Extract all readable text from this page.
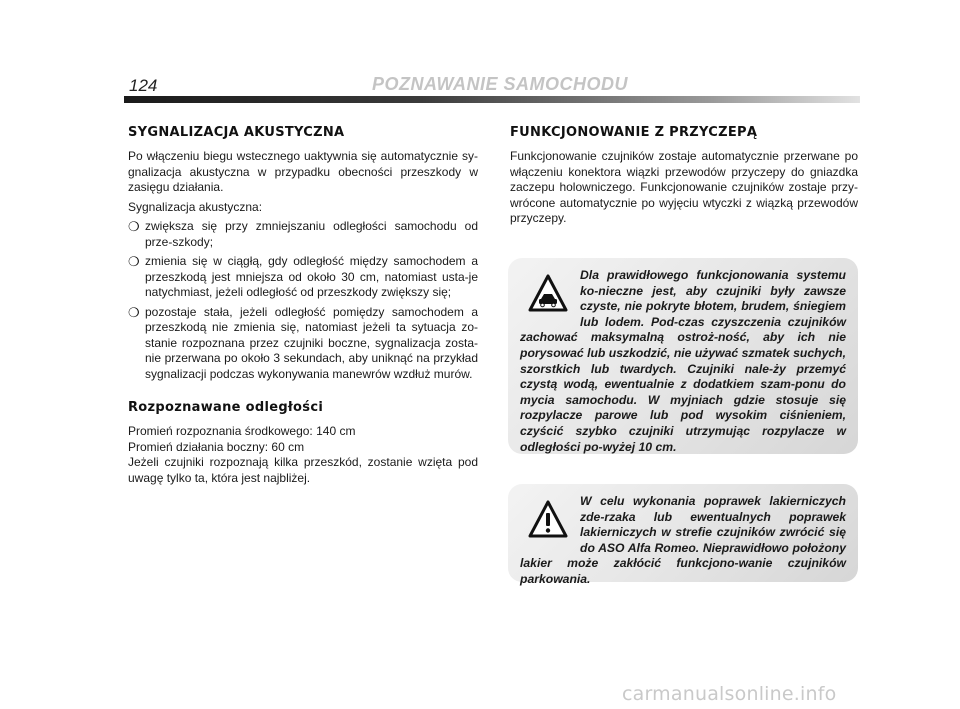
124	POZNAWANIE SAMOCHODU
SYGNALIZACJA AKUSTYCZNA

Po włączeniu biegu wstecznego uaktywnia się automatycznie sy-gnalizacja akustyczna w przypadku obecności przeszkody w zasięgu działania.

Sygnalizacja akustyczna:

❍ zwiększa się przy zmniejszaniu odległości samochodu od prze-szkody;
❍ zmienia się w ciągłą, gdy odległość między samochodem a przeszkodą jest mniejsza od około 30 cm, natomiast usta-je natychmiast, jeżeli odległość od przeszkody zwiększy się;
❍ pozostaje stała, jeżeli odległość pomiędzy samochodem a przeszkodą nie zmienia się, natomiast jeżeli ta sytuacja zo-stanie rozpoznana przez czujniki boczne, sygnalizacja zosta-nie przerwana po około 3 sekundach, aby uniknąć na przykład sygnalizacji podczas wykonywania manewrów wzdłuż murów.
Rozpoznawane odległości

Promień rozpoznania środkowego: 140 cm

Promień działania boczny: 60 cm

Jeżeli czujniki rozpoznają kilka przeszkód, zostanie wzięta pod uwagę tylko ta, która jest najbliżej.

FUNKCJONOWANIE Z PRZYCZEPĄ

Funkcjonowanie czujników zostaje automatycznie przerwane po włączeniu konektora wiązki przewodów przyczepy do gniazdka zaczepu holowniczego. Funkcjonowanie czujników zostaje przy-wrócone automatycznie po wyjęciu wtyczki z wiązką przewodów przyczepy.

Dla prawidłowego funkcjonowania systemu ko-nieczne jest, aby czujniki były zawsze czyste, nie pokryte błotem, brudem, śniegiem lub lodem. Pod-czas czyszczenia czujników zachować maksymalną ostroż-ność, aby ich nie porysować lub uszkodzić, nie używać szmatek suchych, szorstkich lub twardych. Czujniki nale-ży przemyć czystą wodą, ewentualnie z dodatkiem szam-ponu do mycia samochodu. W myjniach gdzie stosuje się rozpylacze parowe lub pod wysokim ciśnieniem, czyścić szybko czujniki utrzymując rozpylacze w odległości po-wyżej 10 cm.

W celu wykonania poprawek lakierniczych zde-rzaka lub ewentualnych poprawek lakierniczych w strefie czujników zwrócić się do ASO Alfa Romeo. Nieprawidłowo położony lakier może zakłócić funkcjono-wanie czujników parkowania.

carmanualsonline.info
